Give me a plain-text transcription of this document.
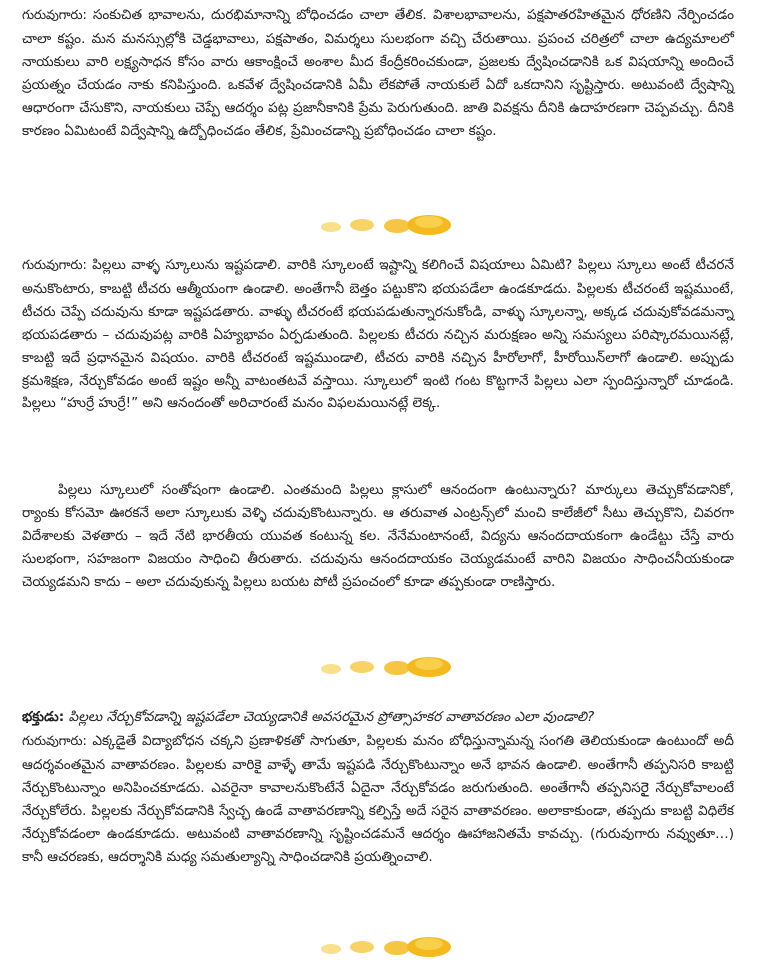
గురువుగారు: సంకుచిత భావాలను, దురభిమానాన్ని బోధించడం చాలా తేలిక. విశాలభావాలను, పక్షపాతరహితమైన ధోరణిని నేర్పించడం చాలా కష్టం. మన మనస్సుల్లోకి చెడ్డభావాలు, పక్షపాతం, విమర్శలు సులభంగా వచ్చి చేరుతాయి. ప్రపంచ చరిత్రలో చాలా ఉద్యమాలలో నాయకులు వారి లక్ష్యసాధన కోసం వారు ఆకాంక్షించే అంశాల మీద కేంద్రీకరించకుండా, ప్రజలకు ద్వేషించడానికి ఒక విషయాన్ని అందించే ప్రయత్నం చేయడం నాకు కనిపిస్తుంది. ఒకవేళ ద్వేషించడానికి ఏమీ లేకపోతే నాయకులే ఏదో ఒకదానిని సృష్టిస్తారు. అటువంటి ద్వేషాన్ని ఆధారంగా చేసుకొని, నాయకులు చెప్పే ఆదర్శం పట్ల ప్రజానీకానికి ప్రేమ పెరుగుతుంది. జాతి వివక్షను దీనికి ఉదాహరణగా చెప్పవచ్చు. దీనికి కారణం ఏమిటంటే విద్వేషాన్ని ఉద్బోధించడం తేలిక, ప్రేమించడాన్ని ప్రబోధించడం చాలా కష్టం.

గురువుగారు: పిల్లలు వాళ్ళ స్కూలును ఇష్టపడాలి. వారికి స్కూలంటే ఇష్టాన్ని కలిగించే విషయాలు ఏమిటి? పిల్లలు స్కూలు అంటే టీచరనే అనుకొంటారు, కాబట్టి టీచరు ఆత్మీయంగా ఉండాలి. అంతేగానీ బెత్తం పట్టుకొని భయపడేలా ఉండకూడదు. పిల్లలకు టీచరంటే ఇష్టముంటే, టీచరు చెప్పే చదువును కూడా ఇష్టపడతారు. వాళ్ళు టీచరంటే భయపడుతున్నారనుకోండి, వాళ్ళు స్కూలన్నా, అక్కడ చదువుకోవడమన్నా భయపడతారు – చదువుపట్ల వారికి ఏహ్యభావం ఏర్పడుతుంది. పిల్లలకు టీచరు నచ్చిన మరుక్షణం అన్ని సమస్యలు పరిష్కారమయినట్లే, కాబట్టి ఇదే ప్రధానమైన విషయం. వారికి టీచరంటే ఇష్టముండాలి, టీచరు వారికి నచ్చిన హీరోలాగో, హీరోయిన్‌లాగో ఉండాలి. అప్పుడు క్రమశిక్షణ, నేర్చుకోవడం అంటే ఇష్టం అన్నీ వాటంతటవే వస్తాయి. స్కూలులో ఇంటి గంట కొట్టగానే పిల్లలు ఎలా స్పందిస్తున్నారో చూడండి. పిల్లలు “హుర్రే హుర్రే!” అని ఆనందంతో అరిచారంటే మనం విఫలమయినట్లే లెక్క.

పిల్లలు స్కూలులో సంతోషంగా ఉండాలి. ఎంతమంది పిల్లలు క్లాసులో ఆనందంగా ఉంటున్నారు? మార్కులు తెచ్చుకోవడానికో, ర్యాంకు కోసమో ఊరకనే అలా స్కూలుకు వెళ్ళి చదువుకొంటున్నారు. ఆ తరువాత ఎంట్రన్స్‌లో మంచి కాలేజీలో సీటు తెచ్చుకొని, చివరగా విదేశాలకు వెళతారు – ఇదే నేటి భారతీయ యువత కంటున్న కల. నేనేమంటానంటే, విద్యను ఆనందదాయకంగా ఉండేట్టు చేస్తే వారు సులభంగా, సహజంగా విజయం సాధించి తీరుతారు. చదువును ఆనందదాయకం చెయ్యడమంటే వారిని విజయం సాధించనీయకుండా చెయ్యడమని కాదు – అలా చదువుకున్న పిల్లలు బయట పోటీ ప్రపంచంలో కూడా తప్పకుండా రాణిస్తారు.

భక్తుడు: పిల్లలు నేర్చుకోవడాన్ని ఇష్టపడేలా చెయ్యడానికి అవసరమైన ప్రోత్సాహకర వాతావరణం ఎలా వుండాలి?

గురువుగారు: ఎక్కడైతే విద్యాబోధన చక్కని ప్రణాళికతో సాగుతూ, పిల్లలకు మనం బోధిస్తున్నామన్న సంగతి తెలియకుండా ఉంటుందో అదీ ఆదర్శవంతమైన వాతావరణం. పిల్లలకు వారికై వాళ్ళే తామే ఇష్టపడి నేర్చుకొంటున్నాం అనే భావన ఉండాలి. అంతేగానీ తప్పనిసరి కాబట్టి నేర్చుకొంటున్నాం అనిపించకూడదు. ఎవరైనా కావాలనుకొంటేనే ఏదైనా నేర్చుకోవడం జరుగుతుంది. అంతేగానీ తప్పనిసరైై నేర్చుకోవాలంటే నేర్చుకోలేరు. పిల్లలకు నేర్చుకోవడానికి స్వేచ్ఛ ఉండే వాతావరణాన్ని కల్పిస్తే అదే సరైన వాతావరణం. అలాకాకుండా, తప్పదు కాబట్టి విధిలేక నేర్చుకోవడంలా ఉండకూడదు. అటువంటి వాతావరణాన్ని సృష్టించడమనే ఆదర్శం ఊహాజనితమే కావచ్చు. (గురువుగారు నవ్వుతూ…) కానీ ఆచరణకు, ఆదర్శానికి మధ్య సమతుల్యాన్ని సాధించడానికి ప్రయత్నించాలి.
